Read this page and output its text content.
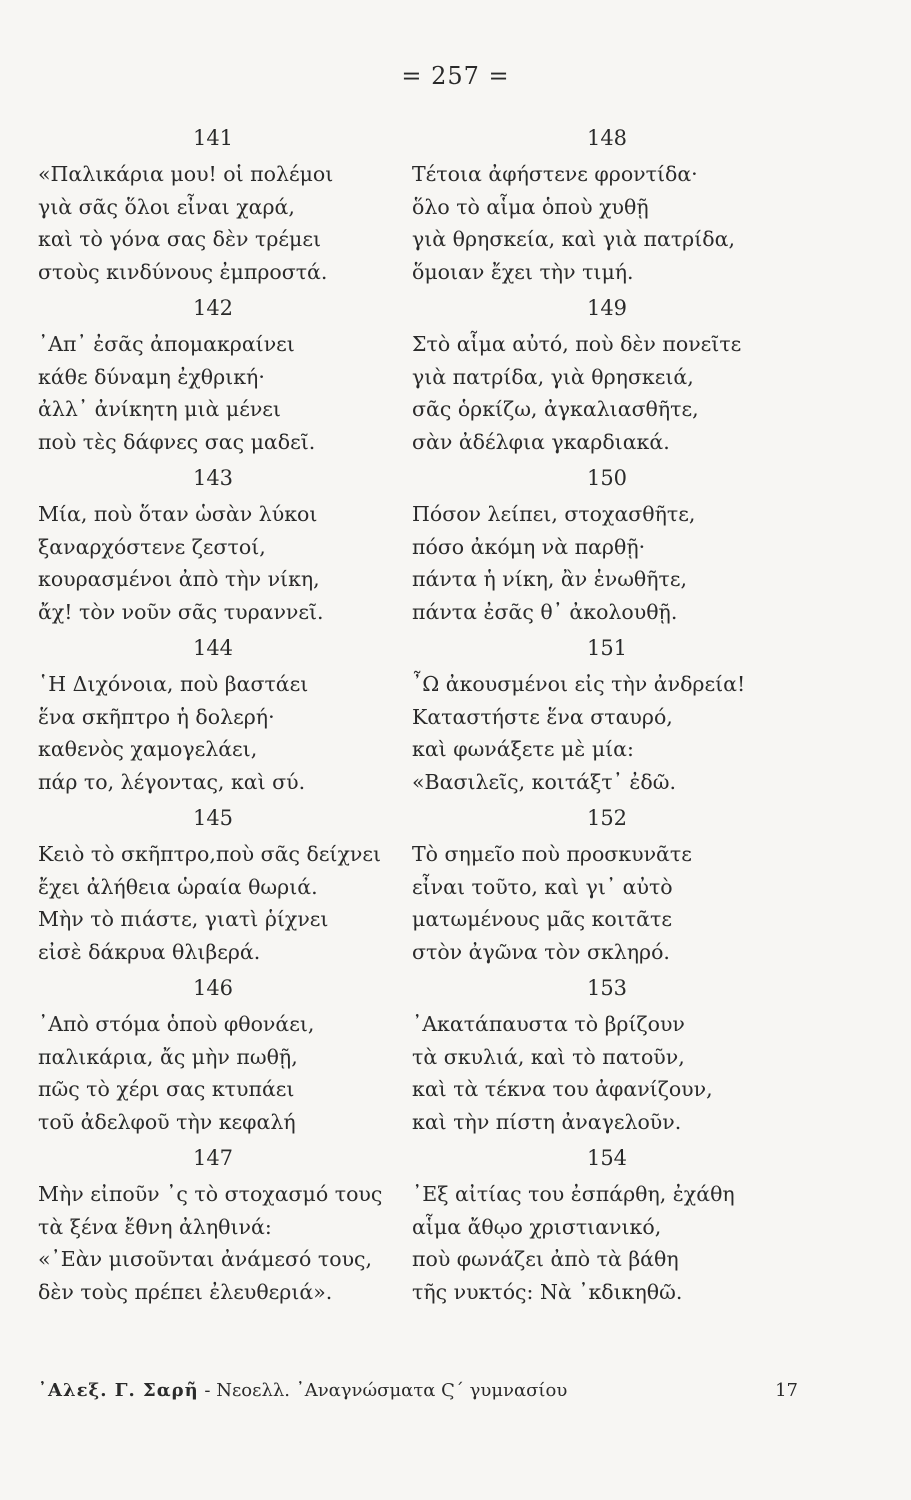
= 257 =
141
«Παλικάρια μου! οἱ πολέμοι
γιὰ σᾶς ὅλοι εἶναι χαρά,
καὶ τὸ γόνα σας δὲν τρέμει
στοὺς κινδύνους ἐμπροστά.
142
᾿Απ᾿ ἐσᾶς ἀπομακραίνει
κάθε δύναμη ἐχθρική·
ἀλλ᾿ ἀνίκητη μιὰ μένει
ποὺ τὲς δάφνες σας μαδεῖ.
143
Μία, ποὺ ὅταν ὡσὰν λύκοι
ξαναρχόστενε ζεστοί,
κουρασμένοι ἀπὸ τὴν νίκη,
ἄχ! τὸν νοῦν σᾶς τυραννεῖ.
144
῾Η Διχόνοια, ποὺ βαστάει
ἕνα σκῆπτρο ἡ δολερή·
καθενὸς χαμογελάει,
πάρ το, λέγοντας, καὶ σύ.
145
Κειὸ τὸ σκῆπτρο,ποὺ σᾶς δείχνει
ἔχει ἀλήθεια ὡραία θωριά.
Μὴν τὸ πιάστε, γιατὶ ῥίχνει
εἰσὲ δάκρυα θλιβερά.
146
᾿Απὸ στόμα ὁποὺ φθονάει,
παλικάρια, ἄς μὴν πωθῇ,
πῶς τὸ χέρι σας κτυπάει
τοῦ ἀδελφοῦ τὴν κεφαλή
147
Μὴν εἰποῦν ᾿ς τὸ στοχασμό τους
τὰ ξένα ἔθνη ἀληθινά:
«᾿Εὰν μισοῦνται ἀνάμεσό τους,
δὲν τοὺς πρέπει ἐλευθεριά».
148
Τέτοια ἀφήστενε φροντίδα·
ὅλο τὸ αἷμα ὁποὺ χυθῇ
γιὰ θρησκεία, καὶ γιὰ πατρίδα,
ὅμοιαν ἔχει τὴν τιμή.
149
Στὸ αἷμα αὐτό, ποὺ δὲν πονεῖτε
γιὰ πατρίδα, γιὰ θρησκειά,
σᾶς ὁρκίζω, ἀγκαλιασθῆτε,
σὰν ἀδέλφια γκαρδιακά.
150
Πόσον λείπει, στοχασθῆτε,
πόσο ἀκόμη νὰ παρθῇ·
πάντα ἡ νίκη, ἂν ἑνωθῆτε,
πάντα ἐσᾶς θ᾿ ἀκολουθῇ.
151
῏Ω ἀκουσμένοι εἰς τὴν ἀνδρεία!
Καταστήστε ἕνα σταυρό,
καὶ φωνάξετε μὲ μία:
«Βασιλεῖς, κοιτάξτ᾿ ἐδῶ.
152
Τὸ σημεῖο ποὺ προσκυνᾶτε
εἶναι τοῦτο, καὶ γι᾿ αὐτὸ
ματωμένους μᾶς κοιτᾶτε
στὸν ἀγῶνα τὸν σκληρό.
153
᾿Ακατάπαυστα τὸ βρίζουν
τὰ σκυλιά, καὶ τὸ πατοῦν,
καὶ τὰ τέκνα του ἀφανίζουν,
καὶ τὴν πίστη ἀναγελοῦν.
154
᾿Εξ αἰτίας του ἐσπάρθη, ἐχάθη
αἷμα ἄθῳο χριστιανικό,
ποὺ φωνάζει ἀπὸ τὰ βάθη
τῆς νυκτός: Νὰ ᾿κδικηθῶ.
᾿Αλεξ. Γ. Σαρῆ - Νεοελλ. ᾿Αναγνώσματα Ϛ΄ γυμνασίου	17
